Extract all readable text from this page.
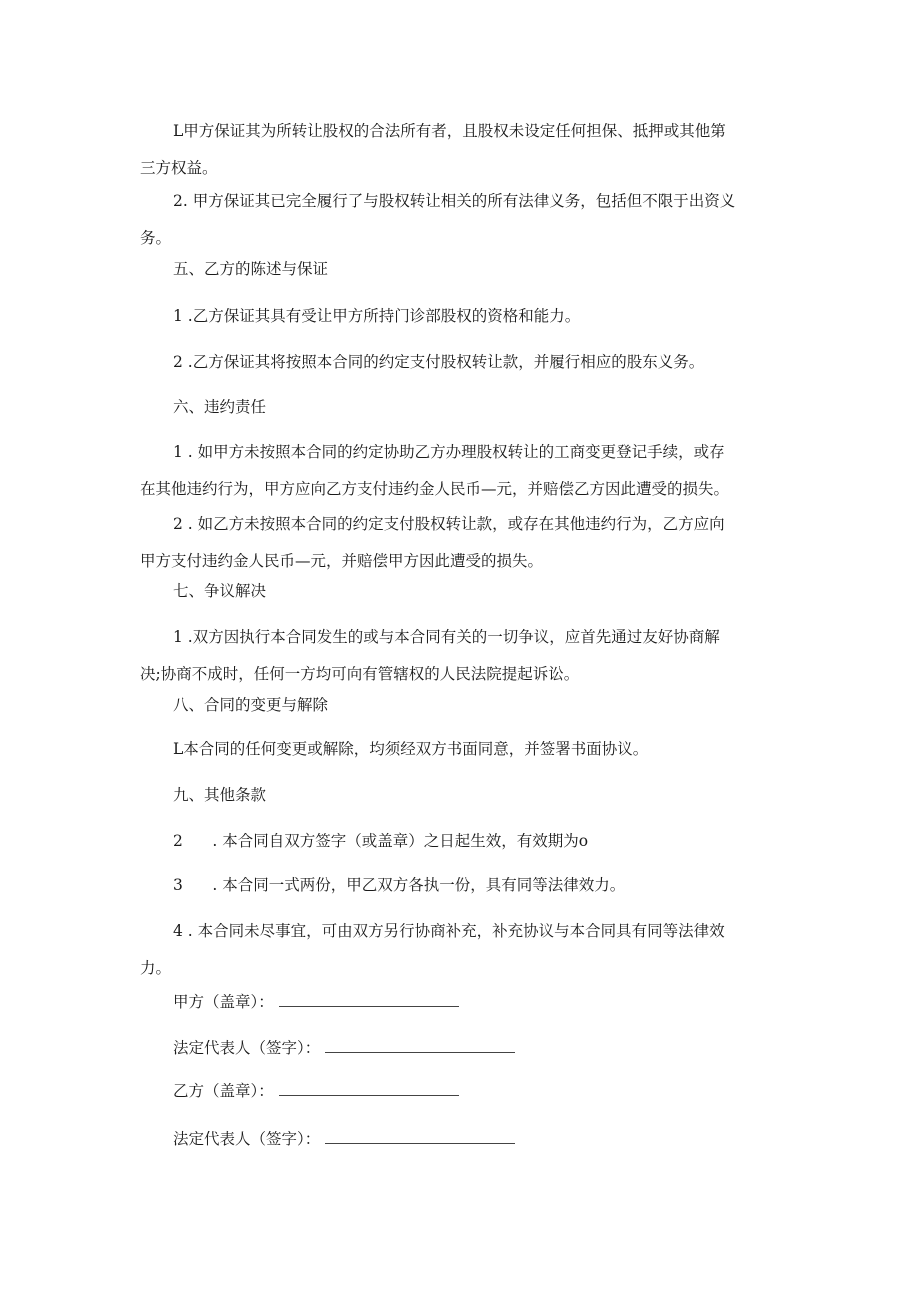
L甲方保证其为所转让股权的合法所有者，且股权未设定任何担保、抵押或其他第

三方权益。

2. 甲方保证其已完全履行了与股权转让相关的所有法律义务，包括但不限于出资义

务。

五、乙方的陈述与保证

1 .乙方保证其具有受让甲方所持门诊部股权的资格和能力。

2 .乙方保证其将按照本合同的约定支付股权转让款，并履行相应的股东义务。

六、违约责任

1 . 如甲方未按照本合同的约定协助乙方办理股权转让的工商变更登记手续，或存

在其他违约行为，甲方应向乙方支付违约金人民币—元，并赔偿乙方因此遭受的损失。

2 . 如乙方未按照本合同的约定支付股权转让款，或存在其他违约行为，乙方应向

甲方支付违约金人民币—元，并赔偿甲方因此遭受的损失。

七、争议解决

1 .双方因执行本合同发生的或与本合同有关的一切争议，应首先通过友好协商解

决;协商不成时，任何一方均可向有管辖权的人民法院提起诉讼。

八、合同的变更与解除

L本合同的任何变更或解除，均须经双方书面同意，并签署书面协议。

九、其他条款

2      . 本合同自双方签字（或盖章）之日起生效，有效期为o

3      . 本合同一式两份，甲乙双方各执一份，具有同等法律效力。

4 . 本合同未尽事宜，可由双方另行协商补充，补充协议与本合同具有同等法律效

力。

甲方（盖章）：
法定代表人（签字）：
乙方（盖章）：
法定代表人（签字）：
